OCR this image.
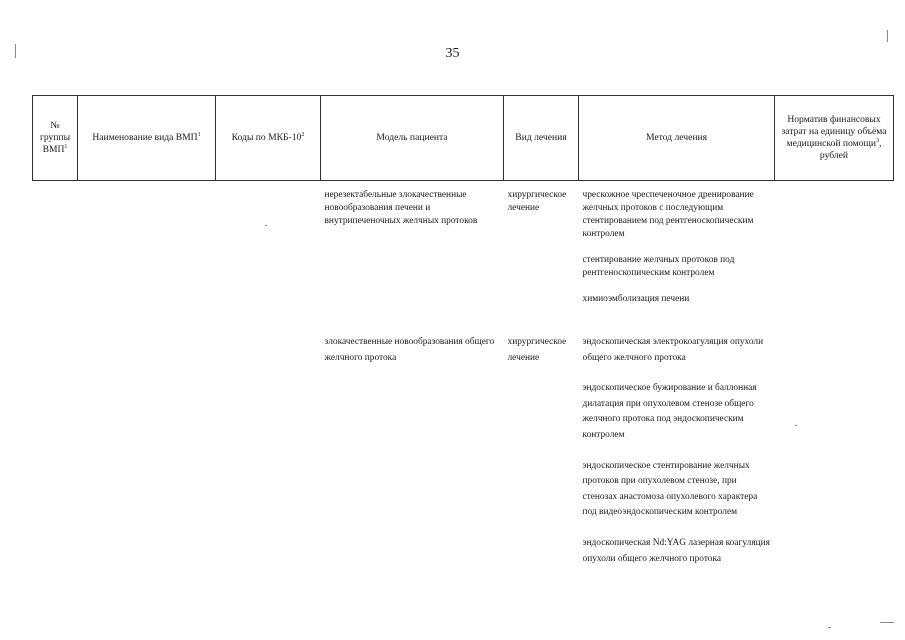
35
№ группы ВМП$^1$	Наименование вида ВМП$^1$	Коды по МКБ-$10^2$	Модель пациента	Вид лечения	Метод лечения	Норматив финансовых затрат на единицу объёма медицинской помощи$^3$, рублей
			нерезектабельные злокачественные новообразования печени и внутрипеченочных желчных протоков	хирургическое лечение	чрескожное чреспеченочное дренирование желчных протоков с последующим стентированием под рентгеноскопическим контролем
стентирование желчных протоков под рентгеноскопическим контролем
химиоэмболизация печени	

			злокачественные новообразования общего желчного протока	хирургическое лечение	эндоскопическая электрокоагуляция опухоли общего желчного протока
эндоскопическое бужирование и баллонная дилатация при опухолевом стенозе общего желчного протока под эндоскопическим контролем
эндоскопическое стентирование желчных протоков при опухолевом стенозе, при стенозах анастомоза опухолевого характера под видеоэндоскопическим контролем
эндоскопическая Nd:YAG лазерная коагуляция опухоли общего желчного протока	
